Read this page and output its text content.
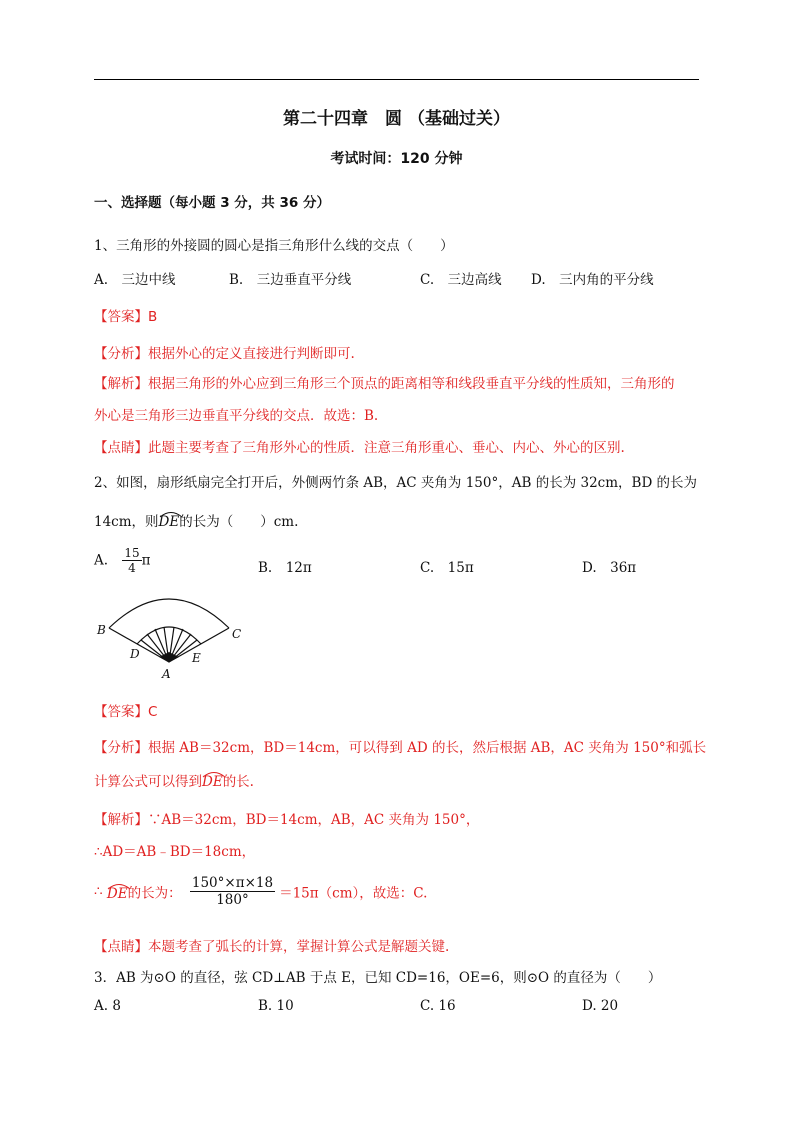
第二十四章　圆 （基础过关）
考试时间：120 分钟
一、选择题（每小题 3 分，共 36 分）
1、三角形的外接圆的圆心是指三角形什么线的交点（　　）
A.　三边中线	B.　三边垂直平分线	C.　三边高线 D.　三内角的平分线
【答案】B
【分析】根据外心的定义直接进行判断即可.
【解析】根据三角形的外心应到三角形三个顶点的距离相等和线段垂直平分线的性质知，三角形的
外心是三角形三边垂直平分线的交点．故选：B.
【点睛】此题主要考查了三角形外心的性质．注意三角形重心、垂心、内心、外心的区别.
2、如图，扇形纸扇完全打开后，外侧两竹条 AB，AC 夹角为 150°，AB 的长为 32cm，BD 的长为
14cm，则
DE的长为（　　）cm.
A. $\frac{15}{4}$ π	B.　12π	C.　15π	D.　36π
B	C
D	E
A
【答案】C
【分析】根据 AB＝32cm，BD＝14cm，可以得到 AD 的长，然后根据 AB，AC 夹角为 150°和弧长
计算公式可以得到
DE的长.
【解析】∵AB＝32cm，BD＝14cm，AB，AC 夹角为 150°，
∴AD＝AB﹣BD＝18cm，
∴ DE的长为： $\frac{150^\circ\times\pi\times 18}{180^\circ} =15\pi(cm)$，故选：C.
【点睛】本题考查了弧长的计算，掌握计算公式是解题关键.
3．AB 为⊙O 的直径，弦 CD⊥AB 于点 E，已知 CD=16，OE=6，则⊙O 的直径为（　　）
A. 8	B. 10	C. 16	D. 20
